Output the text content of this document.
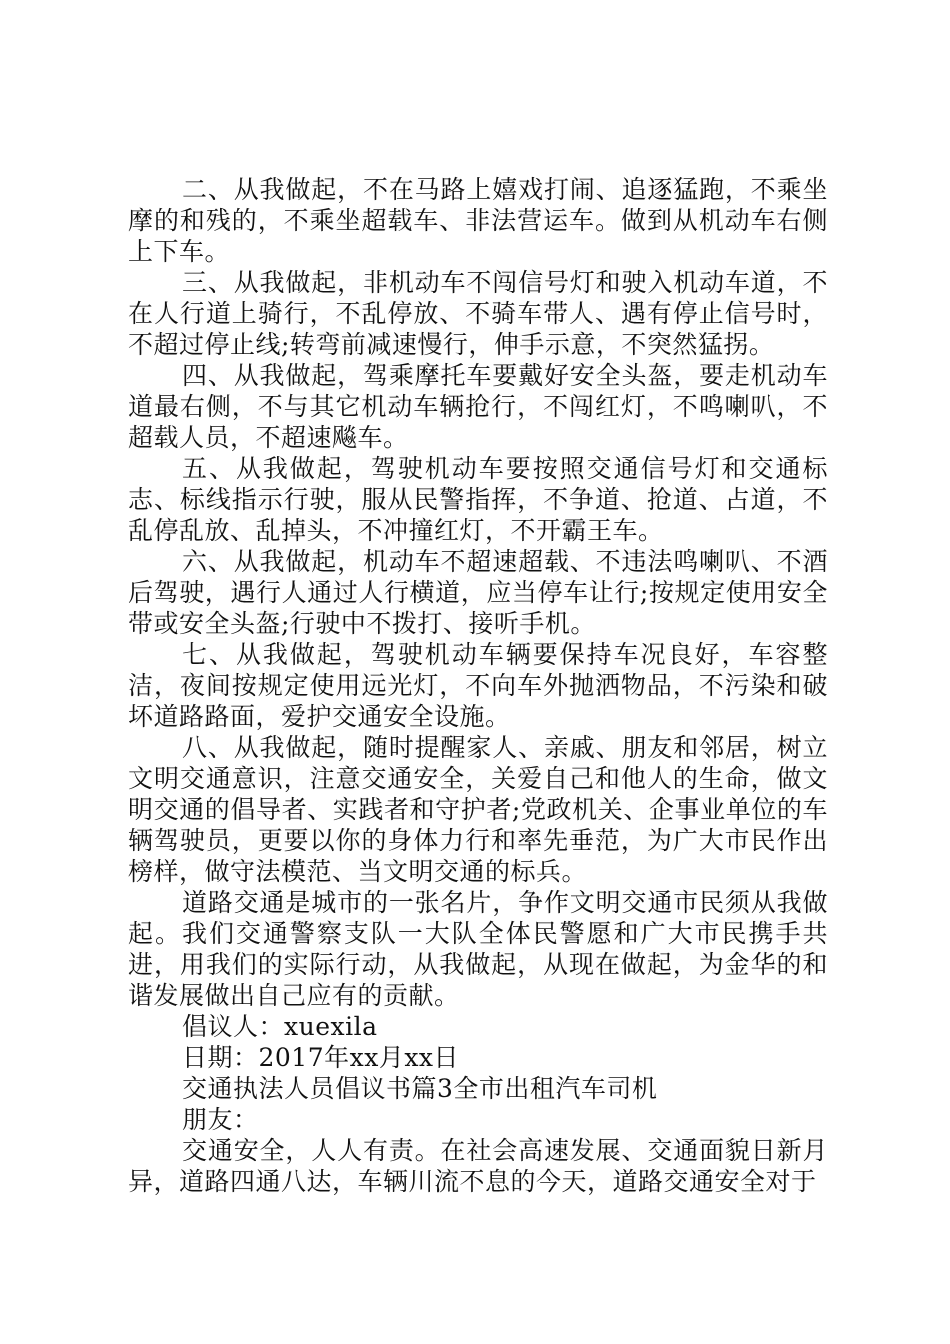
二、从我做起，不在马路上嬉戏打闹、追逐猛跑，不乘坐摩的和残的，不乘坐超载车、非法营运车。做到从机动车右侧上下车。

三、从我做起，非机动车不闯信号灯和驶入机动车道，不在人行道上骑行，不乱停放、不骑车带人、遇有停止信号时，不超过停止线;转弯前减速慢行，伸手示意，不突然猛拐。

四、从我做起，驾乘摩托车要戴好安全头盔，要走机动车道最右侧，不与其它机动车辆抢行，不闯红灯，不鸣喇叭，不超载人员，不超速飚车。

五、从我做起，驾驶机动车要按照交通信号灯和交通标志、标线指示行驶，服从民警指挥，不争道、抢道、占道，不乱停乱放、乱掉头，不冲撞红灯，不开霸王车。

六、从我做起，机动车不超速超载、不违法鸣喇叭、不酒后驾驶，遇行人通过人行横道，应当停车让行;按规定使用安全带或安全头盔;行驶中不拨打、接听手机。

七、从我做起，驾驶机动车辆要保持车况良好，车容整洁，夜间按规定使用远光灯，不向车外抛洒物品，不污染和破坏道路路面，爱护交通安全设施。

八、从我做起，随时提醒家人、亲戚、朋友和邻居，树立文明交通意识，注意交通安全，关爱自己和他人的生命，做文明交通的倡导者、实践者和守护者;党政机关、企事业单位的车辆驾驶员，更要以你的身体力行和率先垂范，为广大市民作出榜样，做守法模范、当文明交通的标兵。

道路交通是城市的一张名片，争作文明交通市民须从我做起。我们交通警察支队一大队全体民警愿和广大市民携手共进，用我们的实际行动，从我做起，从现在做起，为金华的和谐发展做出自己应有的贡献。

倡议人：xuexila

日期：2017年xx月xx日

交通执法人员倡议书篇3全市出租汽车司机

朋友：

交通安全，人人有责。在社会高速发展、交通面貌日新月异，道路四通八达，车辆川流不息的今天，道路交通安全对于
